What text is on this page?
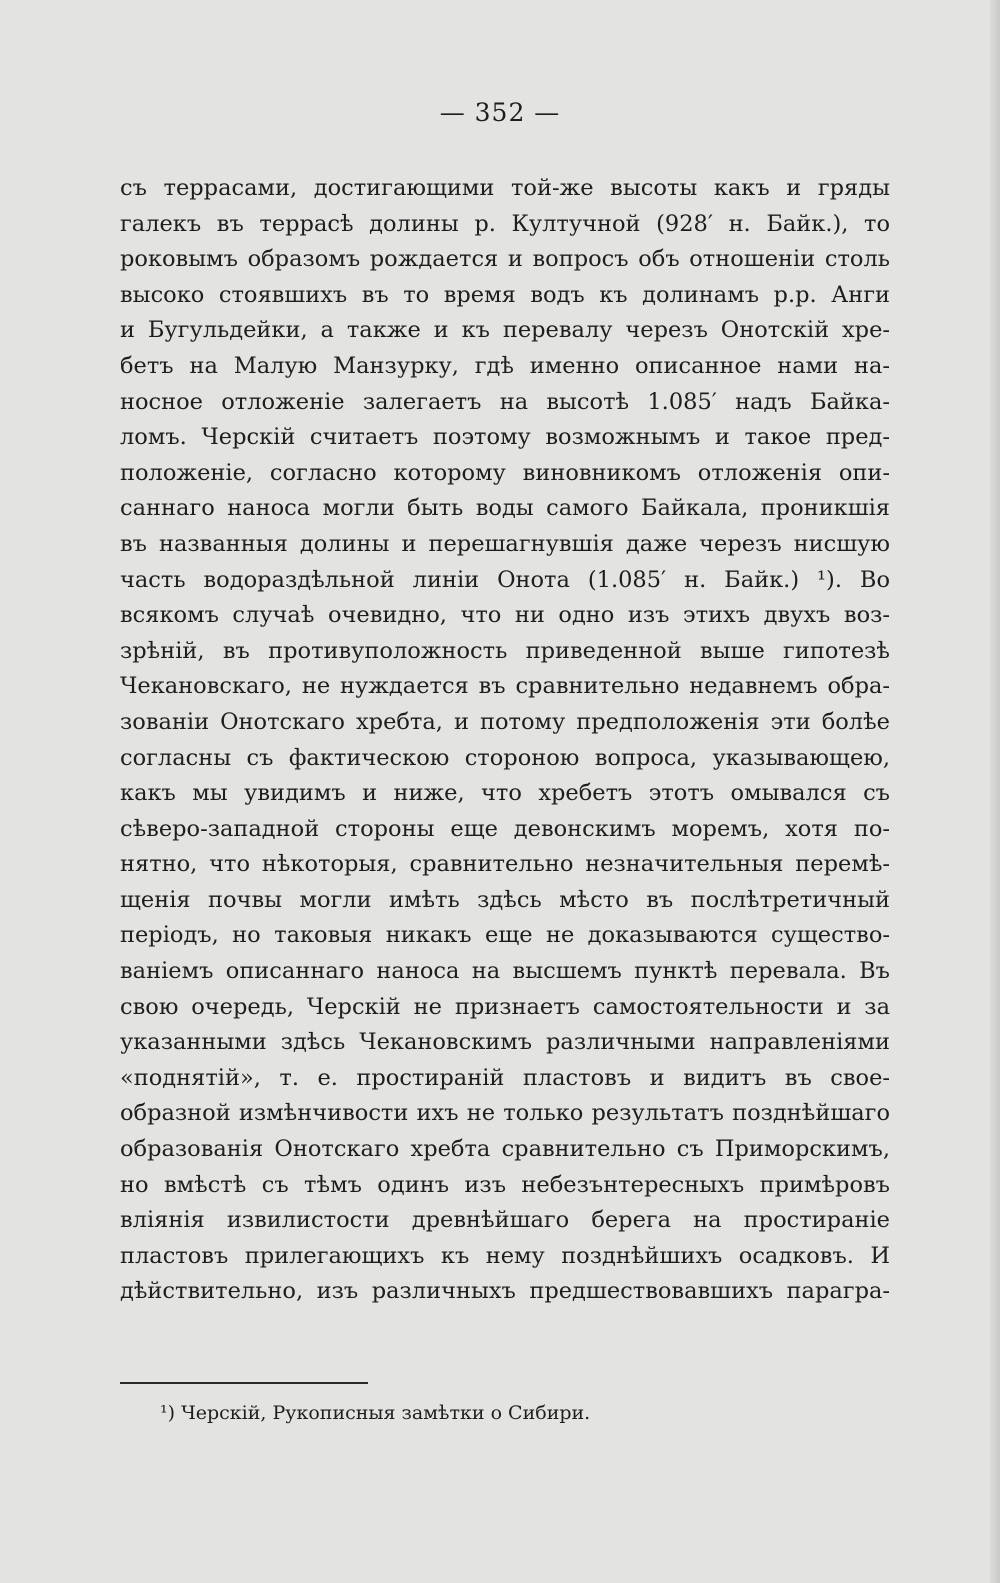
— 352 —
съ террасами, достигающими той-же высоты какъ и гряды
галекъ въ террасѣ долины р. Култучной (928′ н. Байк.), то
роковымъ образомъ рождается и вопросъ объ отношеніи столь
высоко стоявшихъ въ то время водъ къ долинамъ р.р. Анги
и Бугульдейки, а также и къ перевалу черезъ Онотскій хре-
бетъ на Малую Манзурку, гдѣ именно описанное нами на-
носное отложеніе залегаетъ на высотѣ 1.085′ надъ Байка-
ломъ. Черскій считаетъ поэтому возможнымъ и такое пред-
положеніе, согласно которому виновникомъ отложенія опи-
саннаго наноса могли быть воды самого Байкала, проникшія
въ названныя долины и перешагнувшія даже черезъ нисшую
часть водораздѣльной линіи Онота (1.085′ н. Байк.) ¹). Во
всякомъ случаѣ очевидно, что ни одно изъ этихъ двухъ воз-
зрѣній, въ противуположность приведенной выше гипотезѣ
Чекановскаго, не нуждается въ сравнительно недавнемъ обра-
зованіи Онотскаго хребта, и потому предположенія эти болѣе
согласны съ фактическою стороною вопроса, указывающею,
какъ мы увидимъ и ниже, что хребетъ этотъ омывался съ
сѣверо-западной стороны еще девонскимъ моремъ, хотя по-
нятно, что нѣкоторыя, сравнительно незначительныя перемѣ-
щенія почвы могли имѣть здѣсь мѣсто въ послѣтретичный
періодъ, но таковыя никакъ еще не доказываются существо-
ваніемъ описаннаго наноса на высшемъ пунктѣ перевала. Въ
свою очередь, Черскій не признаетъ самостоятельности и за
указанными здѣсь Чекановскимъ различными направленіями
«поднятій», т. е. простираній пластовъ и видитъ въ свое-
образной измѣнчивости ихъ не только результатъ позднѣйшаго
образованія Онотскаго хребта сравнительно съ Приморскимъ,
но вмѣстѣ съ тѣмъ одинъ изъ небезънтересныхъ примѣровъ
вліянія извилистости древнѣйшаго берега на простираніе
пластовъ прилегающихъ къ нему позднѣйшихъ осадковъ. И
дѣйствительно, изъ различныхъ предшествовавшихъ парагра-
¹) Черскій, Рукописныя замѣтки о Сибири.
